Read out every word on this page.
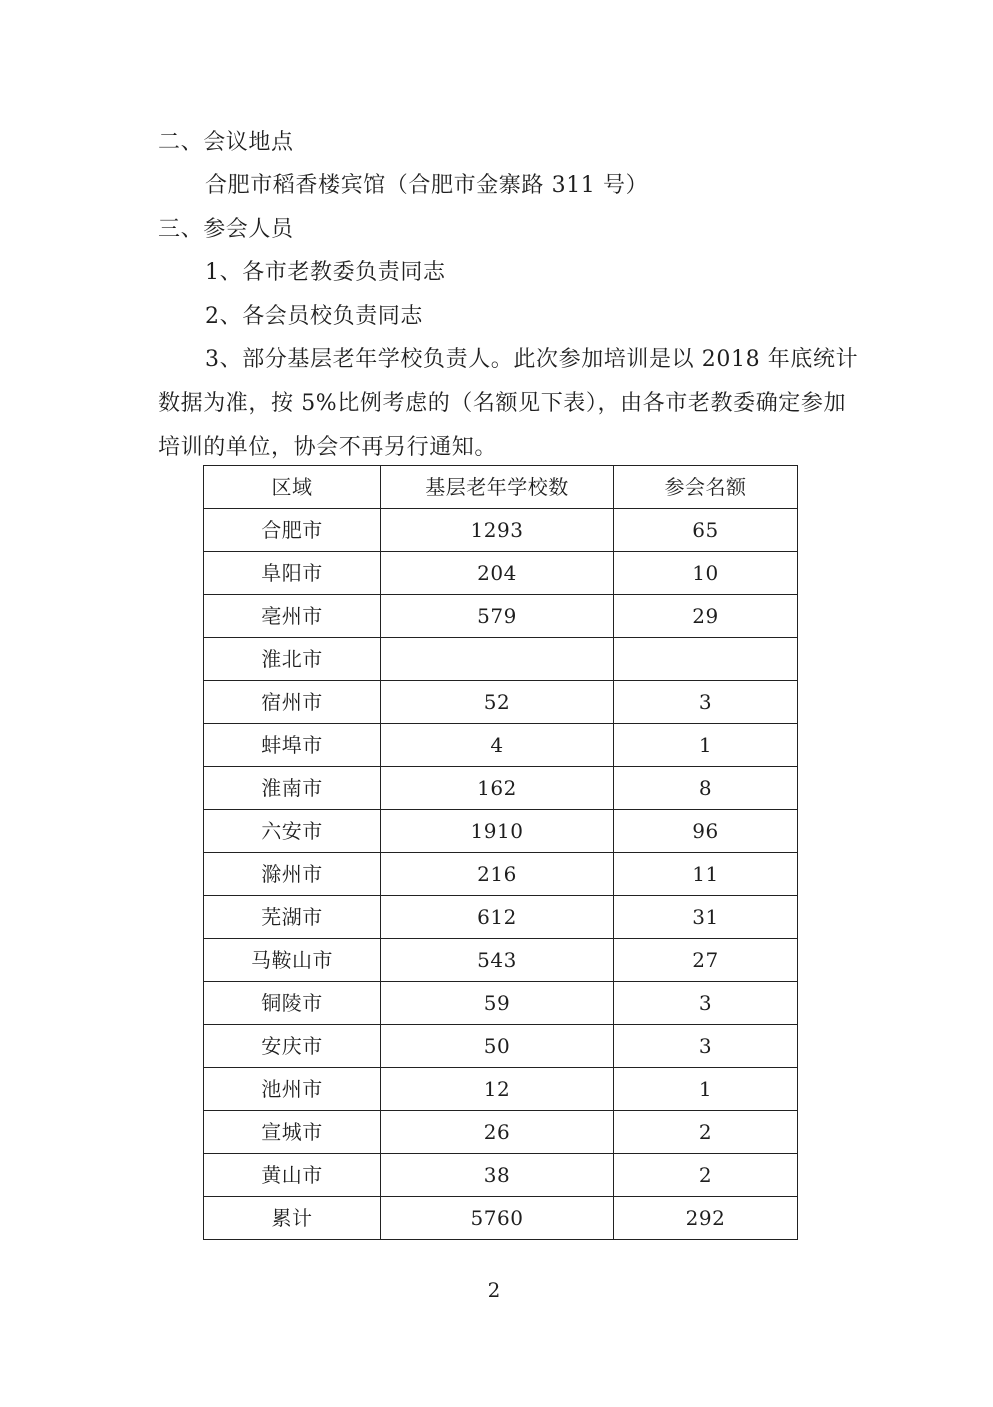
二、会议地点
合肥市稻香楼宾馆（合肥市金寨路 311 号）
三、参会人员
1、各市老教委负责同志
2、各会员校负责同志
3、部分基层老年学校负责人。此次参加培训是以 2018 年底统计
数据为准，按 5%比例考虑的（名额见下表），由各市老教委确定参加
培训的单位，协会不再另行通知。
区域	基层老年学校数	参会名额
合肥市	1293	65
阜阳市	204	10
亳州市	579	29
淮北市		
宿州市	52	3
蚌埠市	4	1
淮南市	162	8
六安市	1910	96
滁州市	216	11
芜湖市	612	31
马鞍山市	543	27
铜陵市	59	3
安庆市	50	3
池州市	12	1
宣城市	26	2
黄山市	38	2
累计	5760	292
2
